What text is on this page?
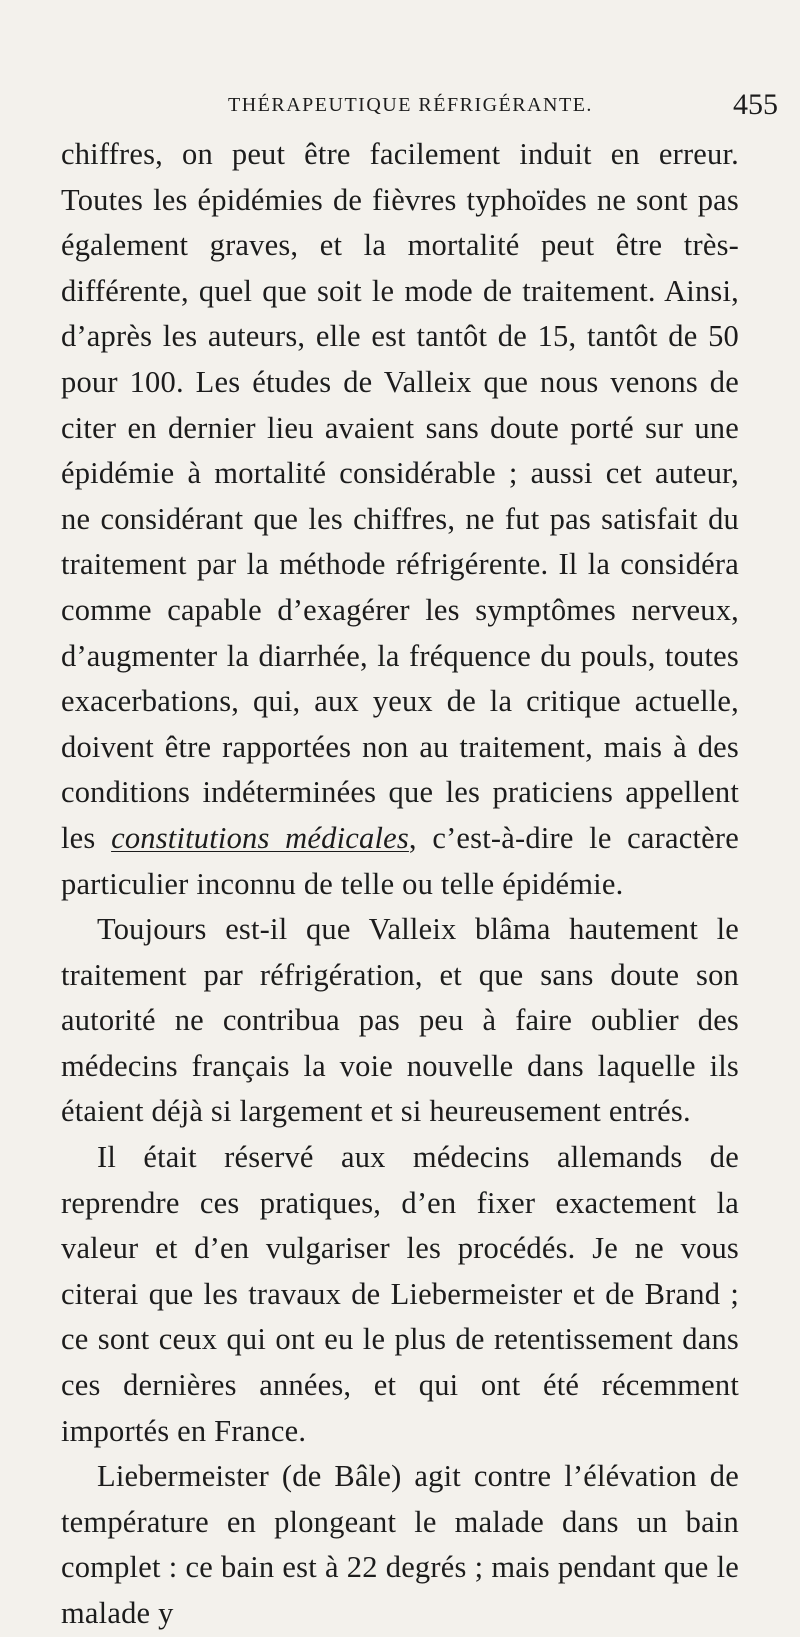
THÉRAPEUTIQUE RÉFRIGÉRANTE.	455

chiffres, on peut être facilement induit en erreur. Toutes les épidémies de fièvres typhoïdes ne sont pas également graves, et la mortalité peut être très-différente, quel que soit le mode de traitement. Ainsi, d’après les auteurs, elle est tantôt de 15, tantôt de 50 pour 100. Les études de Valleix que nous venons de citer en dernier lieu avaient sans doute porté sur une épidémie à mortalité considérable ; aussi cet auteur, ne considérant que les chiffres, ne fut pas satisfait du traitement par la méthode réfrigérente. Il la considéra comme capable d’exagérer les symptômes nerveux, d’augmenter la diarrhée, la fréquence du pouls, toutes exacerbations, qui, aux yeux de la critique actuelle, doivent être rapportées non au traitement, mais à des conditions indéterminées que les praticiens appellent les constitutions médicales, c’est-à-dire le caractère particulier inconnu de telle ou telle épidémie.

Toujours est-il que Valleix blâma hautement le traitement par réfrigération, et que sans doute son autorité ne contribua pas peu à faire oublier des médecins français la voie nouvelle dans laquelle ils étaient déjà si largement et si heureusement entrés.

Il était réservé aux médecins allemands de reprendre ces pratiques, d’en fixer exactement la valeur et d’en vulgariser les procédés. Je ne vous citerai que les travaux de Liebermeister et de Brand ; ce sont ceux qui ont eu le plus de retentissement dans ces dernières années, et qui ont été récemment importés en France.

Liebermeister (de Bâle) agit contre l’élévation de température en plongeant le malade dans un bain complet : ce bain est à 22 degrés ; mais pendant que le malade y
